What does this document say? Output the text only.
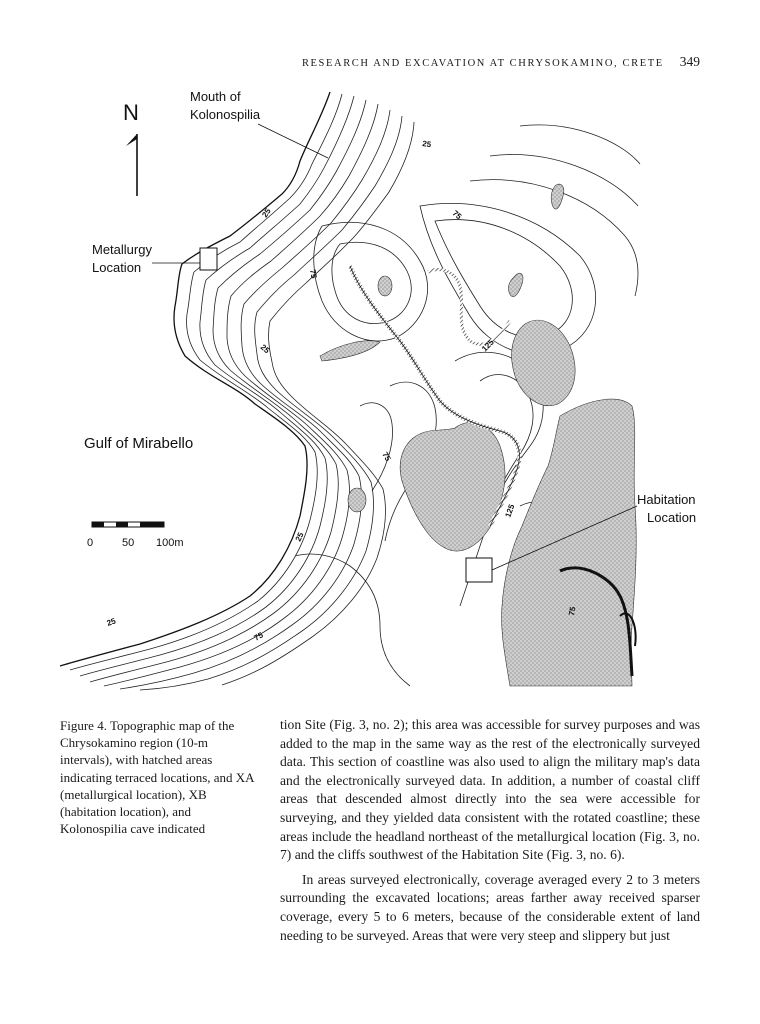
RESEARCH AND EXCAVATION AT CHRYSOKAMINO, CRETE 349
N
0	50 100m
Mouth of
Kolonospilia
Metallurgy
Location
Gulf of Mirabello
Habitation
Location
25
75
25
75
25	125
75
125
25
25
75
75
Figure 4. Topographic map of the Chrysokamino region (10-m intervals), with hatched areas indicating terraced locations, and XA (metallurgical location), XB (habitation location), and Kolonospilia cave indicated

tion Site (Fig. 3, no. 2); this area was accessible for survey purposes and was added to the map in the same way as the rest of the electronically surveyed data. This section of coastline was also used to align the military map's data and the electronically surveyed data. In addition, a number of coastal cliff areas that descended almost directly into the sea were accessible for surveying, and they yielded data consistent with the rotated coastline; these areas include the headland northeast of the metallurgical location (Fig. 3, no. 7) and the cliffs southwest of the Habitation Site (Fig. 3, no. 6).

In areas surveyed electronically, coverage averaged every 2 to 3 meters surrounding the excavated locations; areas farther away received sparser coverage, every 5 to 6 meters, because of the considerable extent of land needing to be surveyed. Areas that were very steep and slippery but just
